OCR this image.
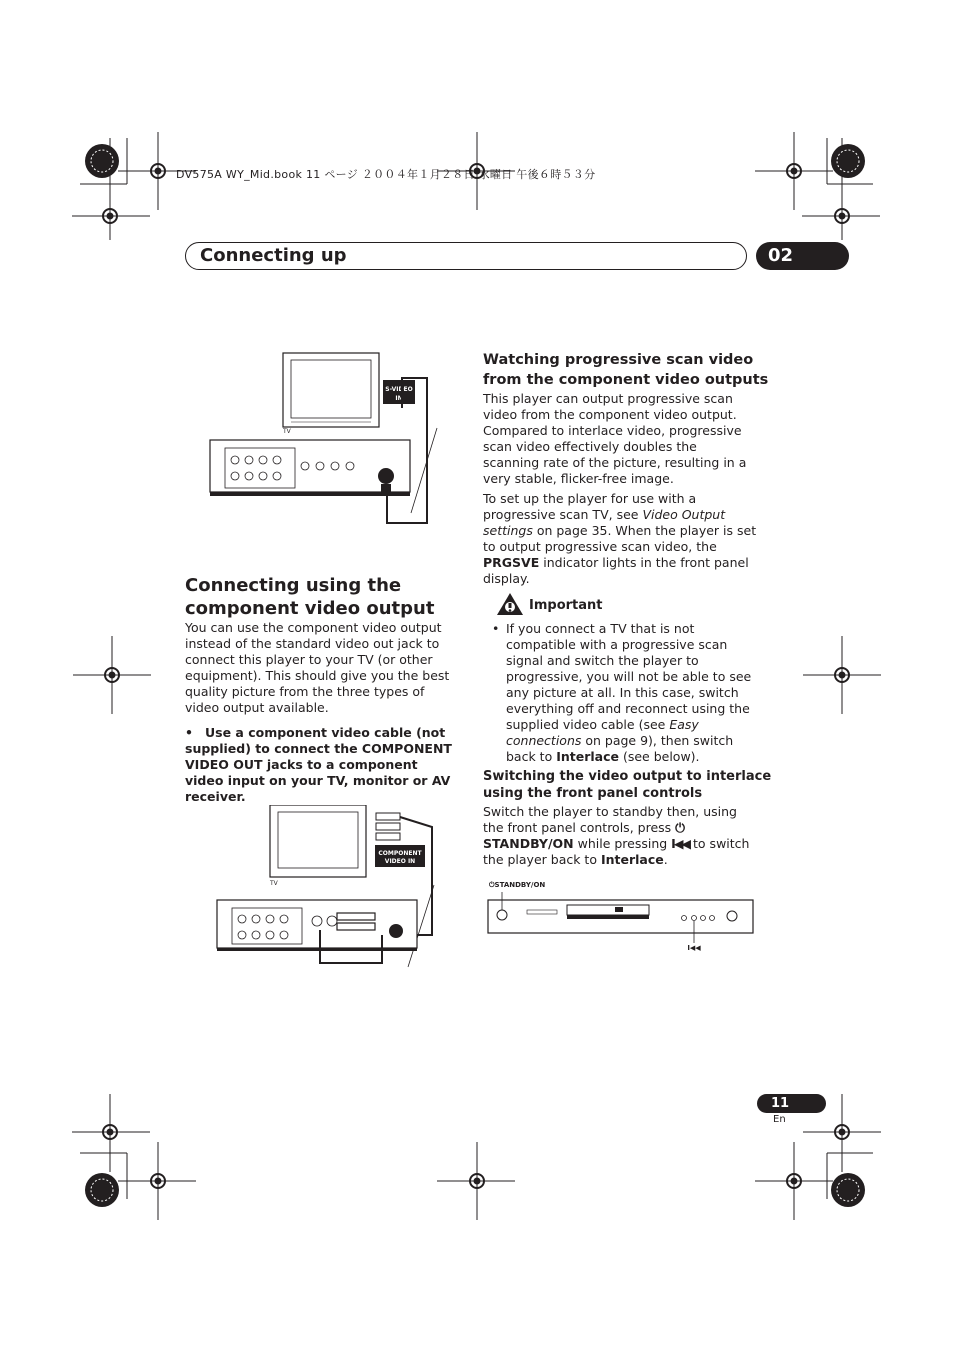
DV575A WY_Mid.book 11 ページ ２００４年１月２８日 水曜日 午後６時５３分
Connecting up	02
S-VIDEO
IN
TV
Connecting using the
component video output
You can use the component video output instead of the standard video out jack to connect this player to your TV (or other equipment). This should give you the best quality picture from the three types of video output available.
• Use a component video cable (not supplied) to connect the COMPONENT VIDEO OUT jacks to a component video input on your TV, monitor or AV receiver.
COMPONENT
VIDEO IN
TV
Watching progressive scan video
from the component video outputs
This player can output progressive scan video from the component video output. Compared to interlace video, progressive scan video effectively doubles the scanning rate of the picture, resulting in a very stable, flicker-free image.
To set up the player for use with a progressive scan TV, see Video Output settings on page 35. When the player is set to output progressive scan video, the PRGSVE indicator lights in the front panel display.
Important
• If you connect a TV that is not compatible with a progressive scan signal and switch the player to progressive, you will not be able to see any picture at all. In this case, switch everything off and reconnect using the supplied video cable (see Easy connections on page 9), then switch back to Interlace (see below).
Switching the video output to interlace
using the front panel controls
Switch the player to standby then, using the front panel controls, press ⏻ STANDBY/ON while pressing I◀◀ to switch the player back to Interlace.
⏻STANDBY/ON
I◀◀
11
En
